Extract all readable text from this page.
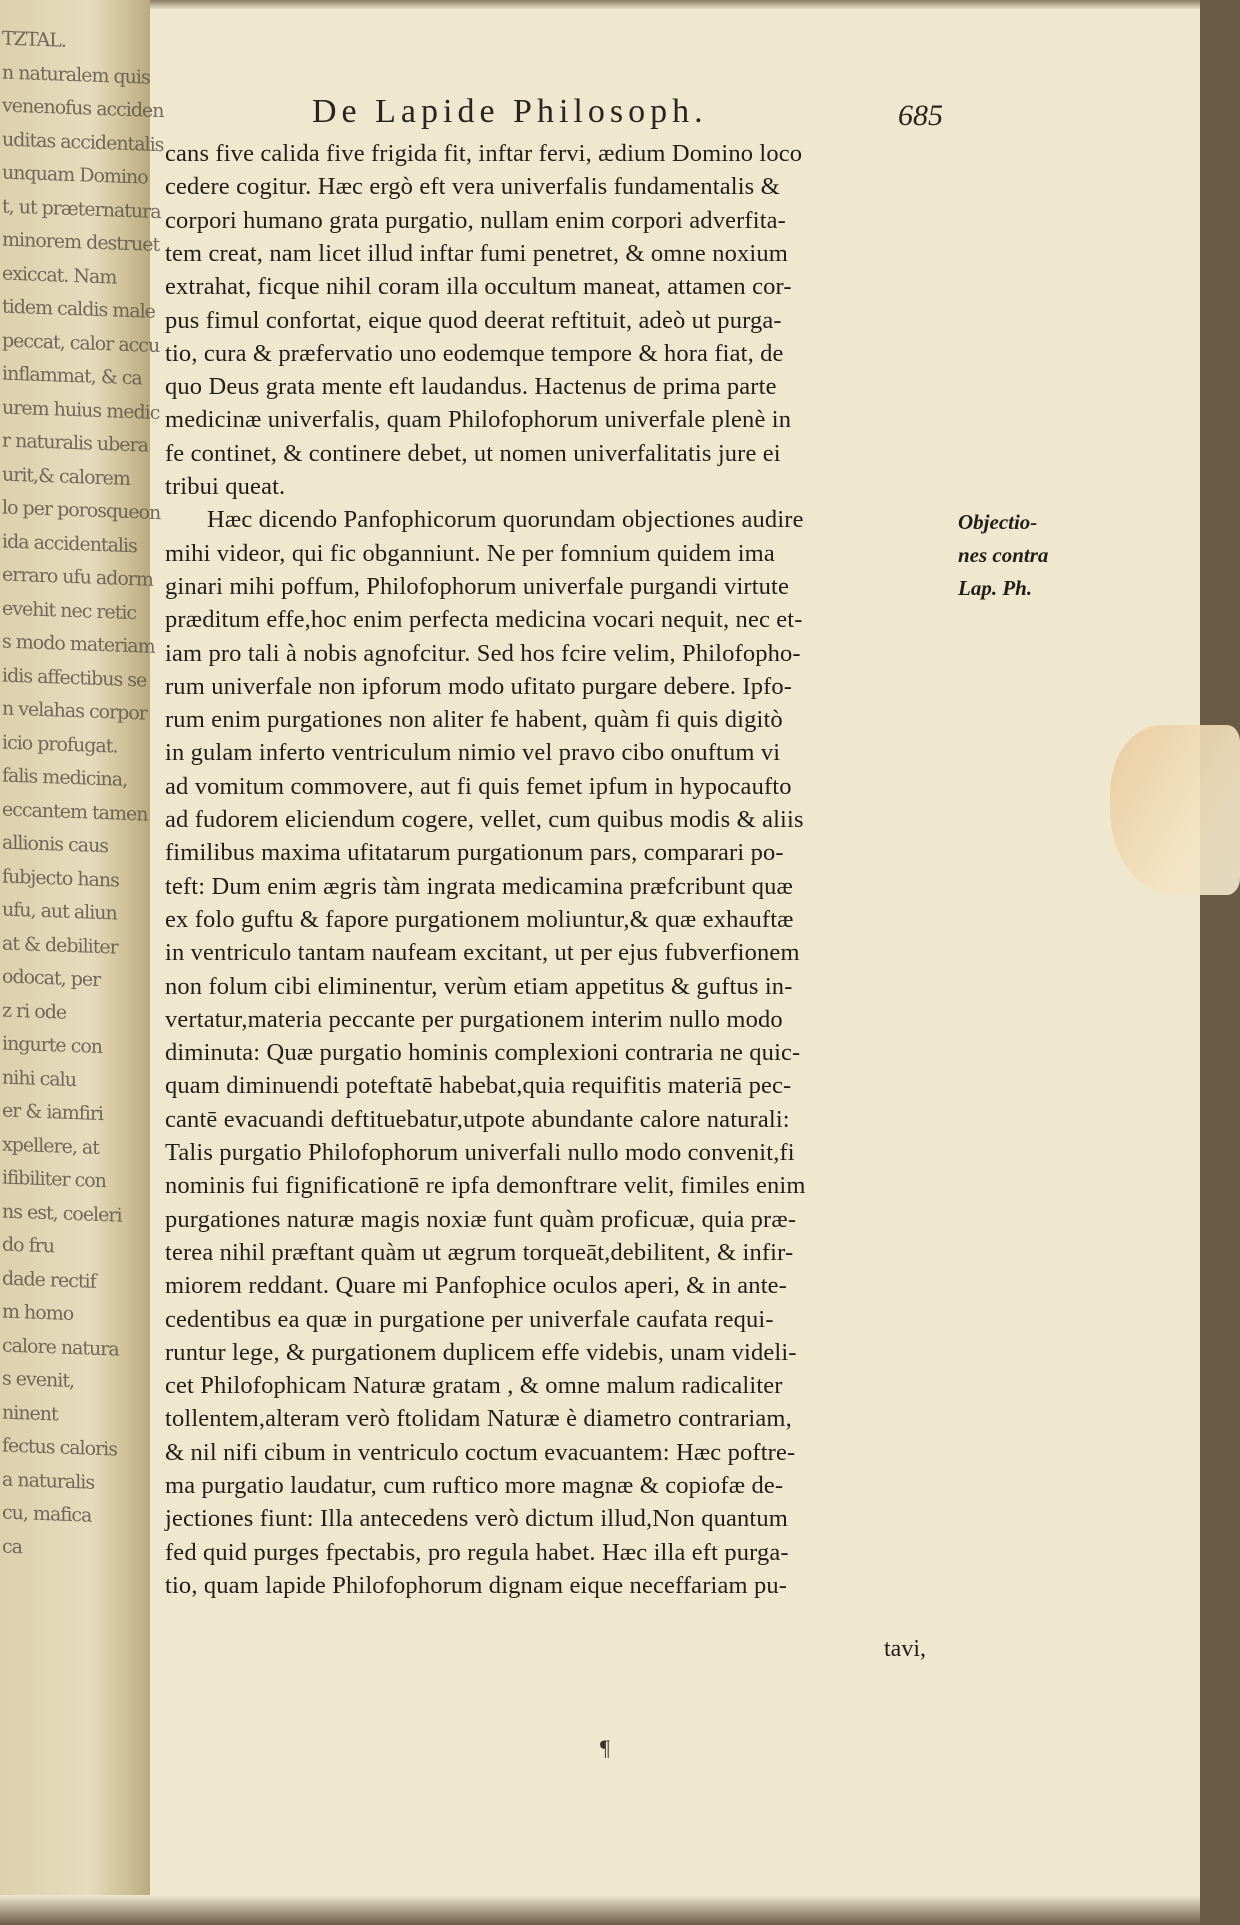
TZTAL.
n naturalem quis
venenofus acciden
uditas accidentalis
unquam Domino
t, ut præternatura
minorem destruet
exiccat. Nam
tidem caldis male
peccat, calor accu
inflammat, & ca
urem huius medic
r naturalis ubera
urit,& calorem
lo per porosqueon
ida accidentalis
erraro ufu adorm
evehit nec retic
s modo materiam
idis affectibus se
n velahas corpor
icio profugat.
falis medicina,
eccantem tamen
allionis caus
fubjecto hans
ufu, aut aliun
at & debiliter
odocat, per
z ri ode
ingurte con
nihi calu
er & iamfiri
xpellere, at
ifibiliter con
ns est, coeleri
do fru
dade rectif
m homo
calore natura
s evenit,
ninent
fectus caloris
a naturalis
cu, mafica
ca
De Lapide Philosoph.	685
cans five calida five frigida fit, inftar fervi, ædium Domino loco
cedere cogitur. Hæc ergò eft vera univerfalis fundamentalis &
corpori humano grata purgatio, nullam enim corpori adverfita-
tem creat, nam licet illud inftar fumi penetret, & omne noxium
extrahat, ficque nihil coram illa occultum maneat, attamen cor-
pus fimul confortat, eique quod deerat reftituit, adeò ut purga-
tio, cura & præfervatio uno eodemque tempore & hora fiat, de
quo Deus grata mente eft laudandus. Hactenus de prima parte
medicinæ univerfalis, quam Philofophorum univerfale plenè in
fe continet, & continere debet, ut nomen univerfalitatis jure ei
tribui queat.
Hæc dicendo Panfophicorum quorundam objectiones audire
mihi videor, qui fic obganniunt. Ne per fomnium quidem ima
ginari mihi poffum, Philofophorum univerfale purgandi virtute
præditum effe,hoc enim perfecta medicina vocari nequit, nec et-
iam pro tali à nobis agnofcitur. Sed hos fcire velim, Philofopho-
rum univerfale non ipforum modo ufitato purgare debere. Ipfo-
rum enim purgationes non aliter fe habent, quàm fi quis digitò
in gulam inferto ventriculum nimio vel pravo cibo onuftum vi
ad vomitum commovere, aut fi quis femet ipfum in hypocaufto
ad fudorem eliciendum cogere, vellet, cum quibus modis & aliis
fimilibus maxima ufitatarum purgationum pars, comparari po-
teft: Dum enim ægris tàm ingrata medicamina præfcribunt quæ
ex folo guftu & fapore purgationem moliuntur,& quæ exhauftæ
in ventriculo tantam naufeam excitant, ut per ejus fubverfionem
non folum cibi eliminentur, verùm etiam appetitus & guftus in-
vertatur,materia peccante per purgationem interim nullo modo
diminuta: Quæ purgatio hominis complexioni contraria ne quic-
quam diminuendi poteftatē habebat,quia requifitis materiā pec-
cantē evacuandi deftituebatur,utpote abundante calore naturali:
Talis purgatio Philofophorum univerfali nullo modo convenit,fi
nominis fui fignificationē re ipfa demonftrare velit, fimiles enim
purgationes naturæ magis noxiæ funt quàm proficuæ, quia præ-
terea nihil præftant quàm ut ægrum torqueāt,debilitent, & infir-
miorem reddant. Quare mi Panfophice oculos aperi, & in ante-
cedentibus ea quæ in purgatione per univerfale caufata requi-
runtur lege, & purgationem duplicem effe videbis, unam videli-
cet Philofophicam Naturæ gratam , & omne malum radicaliter
tollentem,alteram verò ftolidam Naturæ è diametro contrariam,
& nil nifi cibum in ventriculo coctum evacuantem: Hæc poftre-
ma purgatio laudatur, cum ruftico more magnæ & copiofæ de-
jectiones fiunt: Illa antecedens verò dictum illud,Non quantum
fed quid purges fpectabis, pro regula habet. Hæc illa eft purga-
tio, quam lapide Philofophorum dignam eique neceffariam pu-
Objectio-
nes contra
Lap. Ph.
tavi,
¶
